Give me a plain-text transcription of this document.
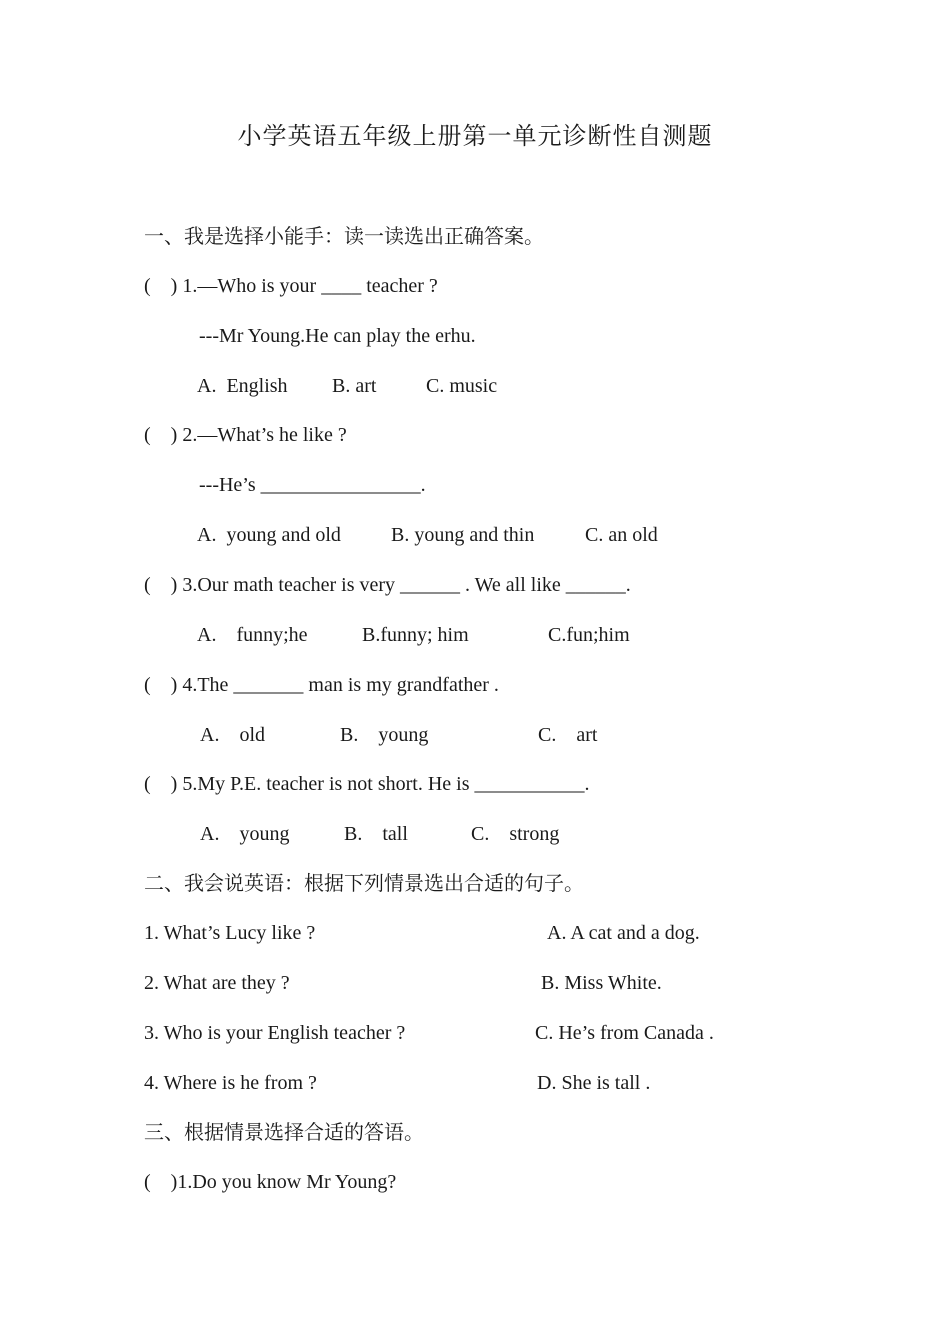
小学英语五年级上册第一单元诊断性自测题
一、我是选择小能手：读一读选出正确答案。
(    ) 1.—Who is your ____ teacher ?
---Mr Young.He can play the erhu.
A.  English B. art C. music
(    ) 2.—What’s he like ?
---He’s ________________.
A.  young and old	B. young and thin	C. an old
(    ) 3.Our math teacher is very ______ . We all like ______.
A.    funny;he	B.funny; him	C.fun;him
(    ) 4.The _______ man is my grandfather .
A.    old	B.    young	C.    art
(    ) 5.My P.E. teacher is not short. He is ___________.
A.    young	B.    tall	C.    strong
二、我会说英语：根据下列情景选出合适的句子。
1. What’s Lucy like ?	A. A cat and a dog.
2. What are they ?	B. Miss White.
3. Who is your English teacher ?	C. He’s from Canada .
4. Where is he from ?	D. She is tall .
三、根据情景选择合适的答语。
(    )1.Do you know Mr Young?
